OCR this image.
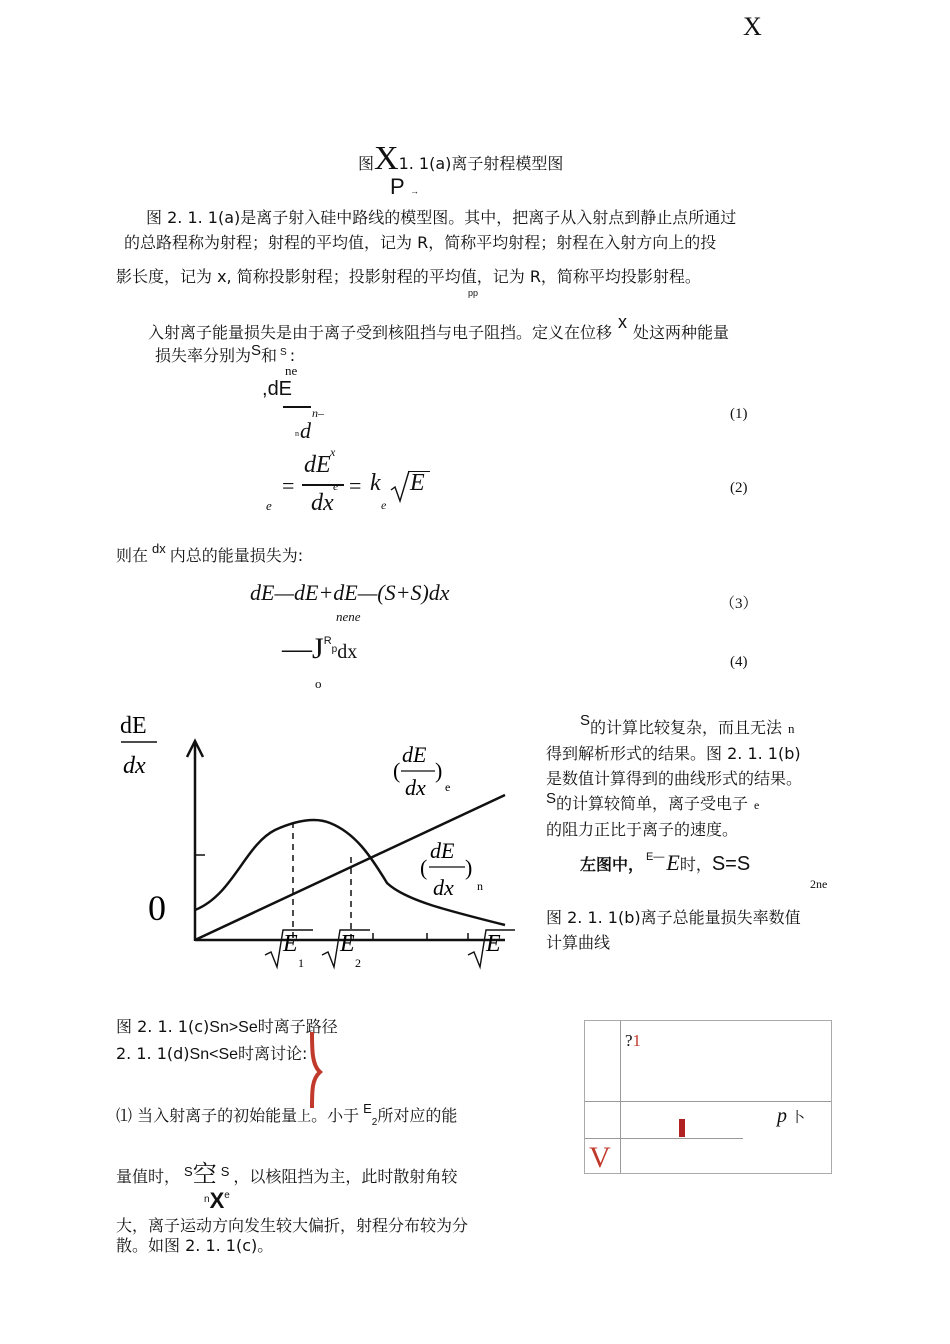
X
图X1. 1(a)离子射程模型图
P →
图 2. 1. 1(a)是离子射入硅中路线的模型图。其中，把离子从入射点到静止点所通过
的总路程称为射程；射程的平均值，记为 R，简称平均射程；射程在入射方向上的投
影长度，记为 x, 简称投影射程；投影射程的平均值，记为 R，简称平均投影射程。
pp
入射离子能量损失是由于离子受到核阻挡与电子阻挡。定义在位移x处这两种能量
损失率分别为S和 $^S$ :
ne
,dE
n–
n d
x
(1)
e
=
dE
e
dx
= k
e
E	(2)
则在 $^{dx}$ 内总的能量损失为:
dE—dE+dE—(S+S)dx
nene
（3）
$—J^{Rp}dx$
o
(4)
dE
dx
0
(
dE
dx
)
e
(
dE
dx
)
n
E
1
E
2
E
S的计算比较复杂，而且无法 n
得到解析形式的结果。图 2. 1. 1(b)
是数值计算得到的曲线形式的结果。
S的计算较简单，离子受电子 e
的阻力正比于离子的速度。
左图中， $^{E—}$E时，S=S
2ne
图 2. 1. 1(b)离子总能量损失率数值
计算曲线
图 2. 1. 1(c)Sn>Se时离子路径
2. 1. 1(d)Sn<Se时离讨论:
⑴ 当入射离子的初始能量上。小于 $^E_2$所对应的能
量值时， $^S$空 $^S$ ，以核阻挡为主，此时散射角较
$^n$Xe
大，离子运动方向发生较大偏折，射程分布较为分
散。如图 2. 1. 1(c)。
?1
p 卜
V
